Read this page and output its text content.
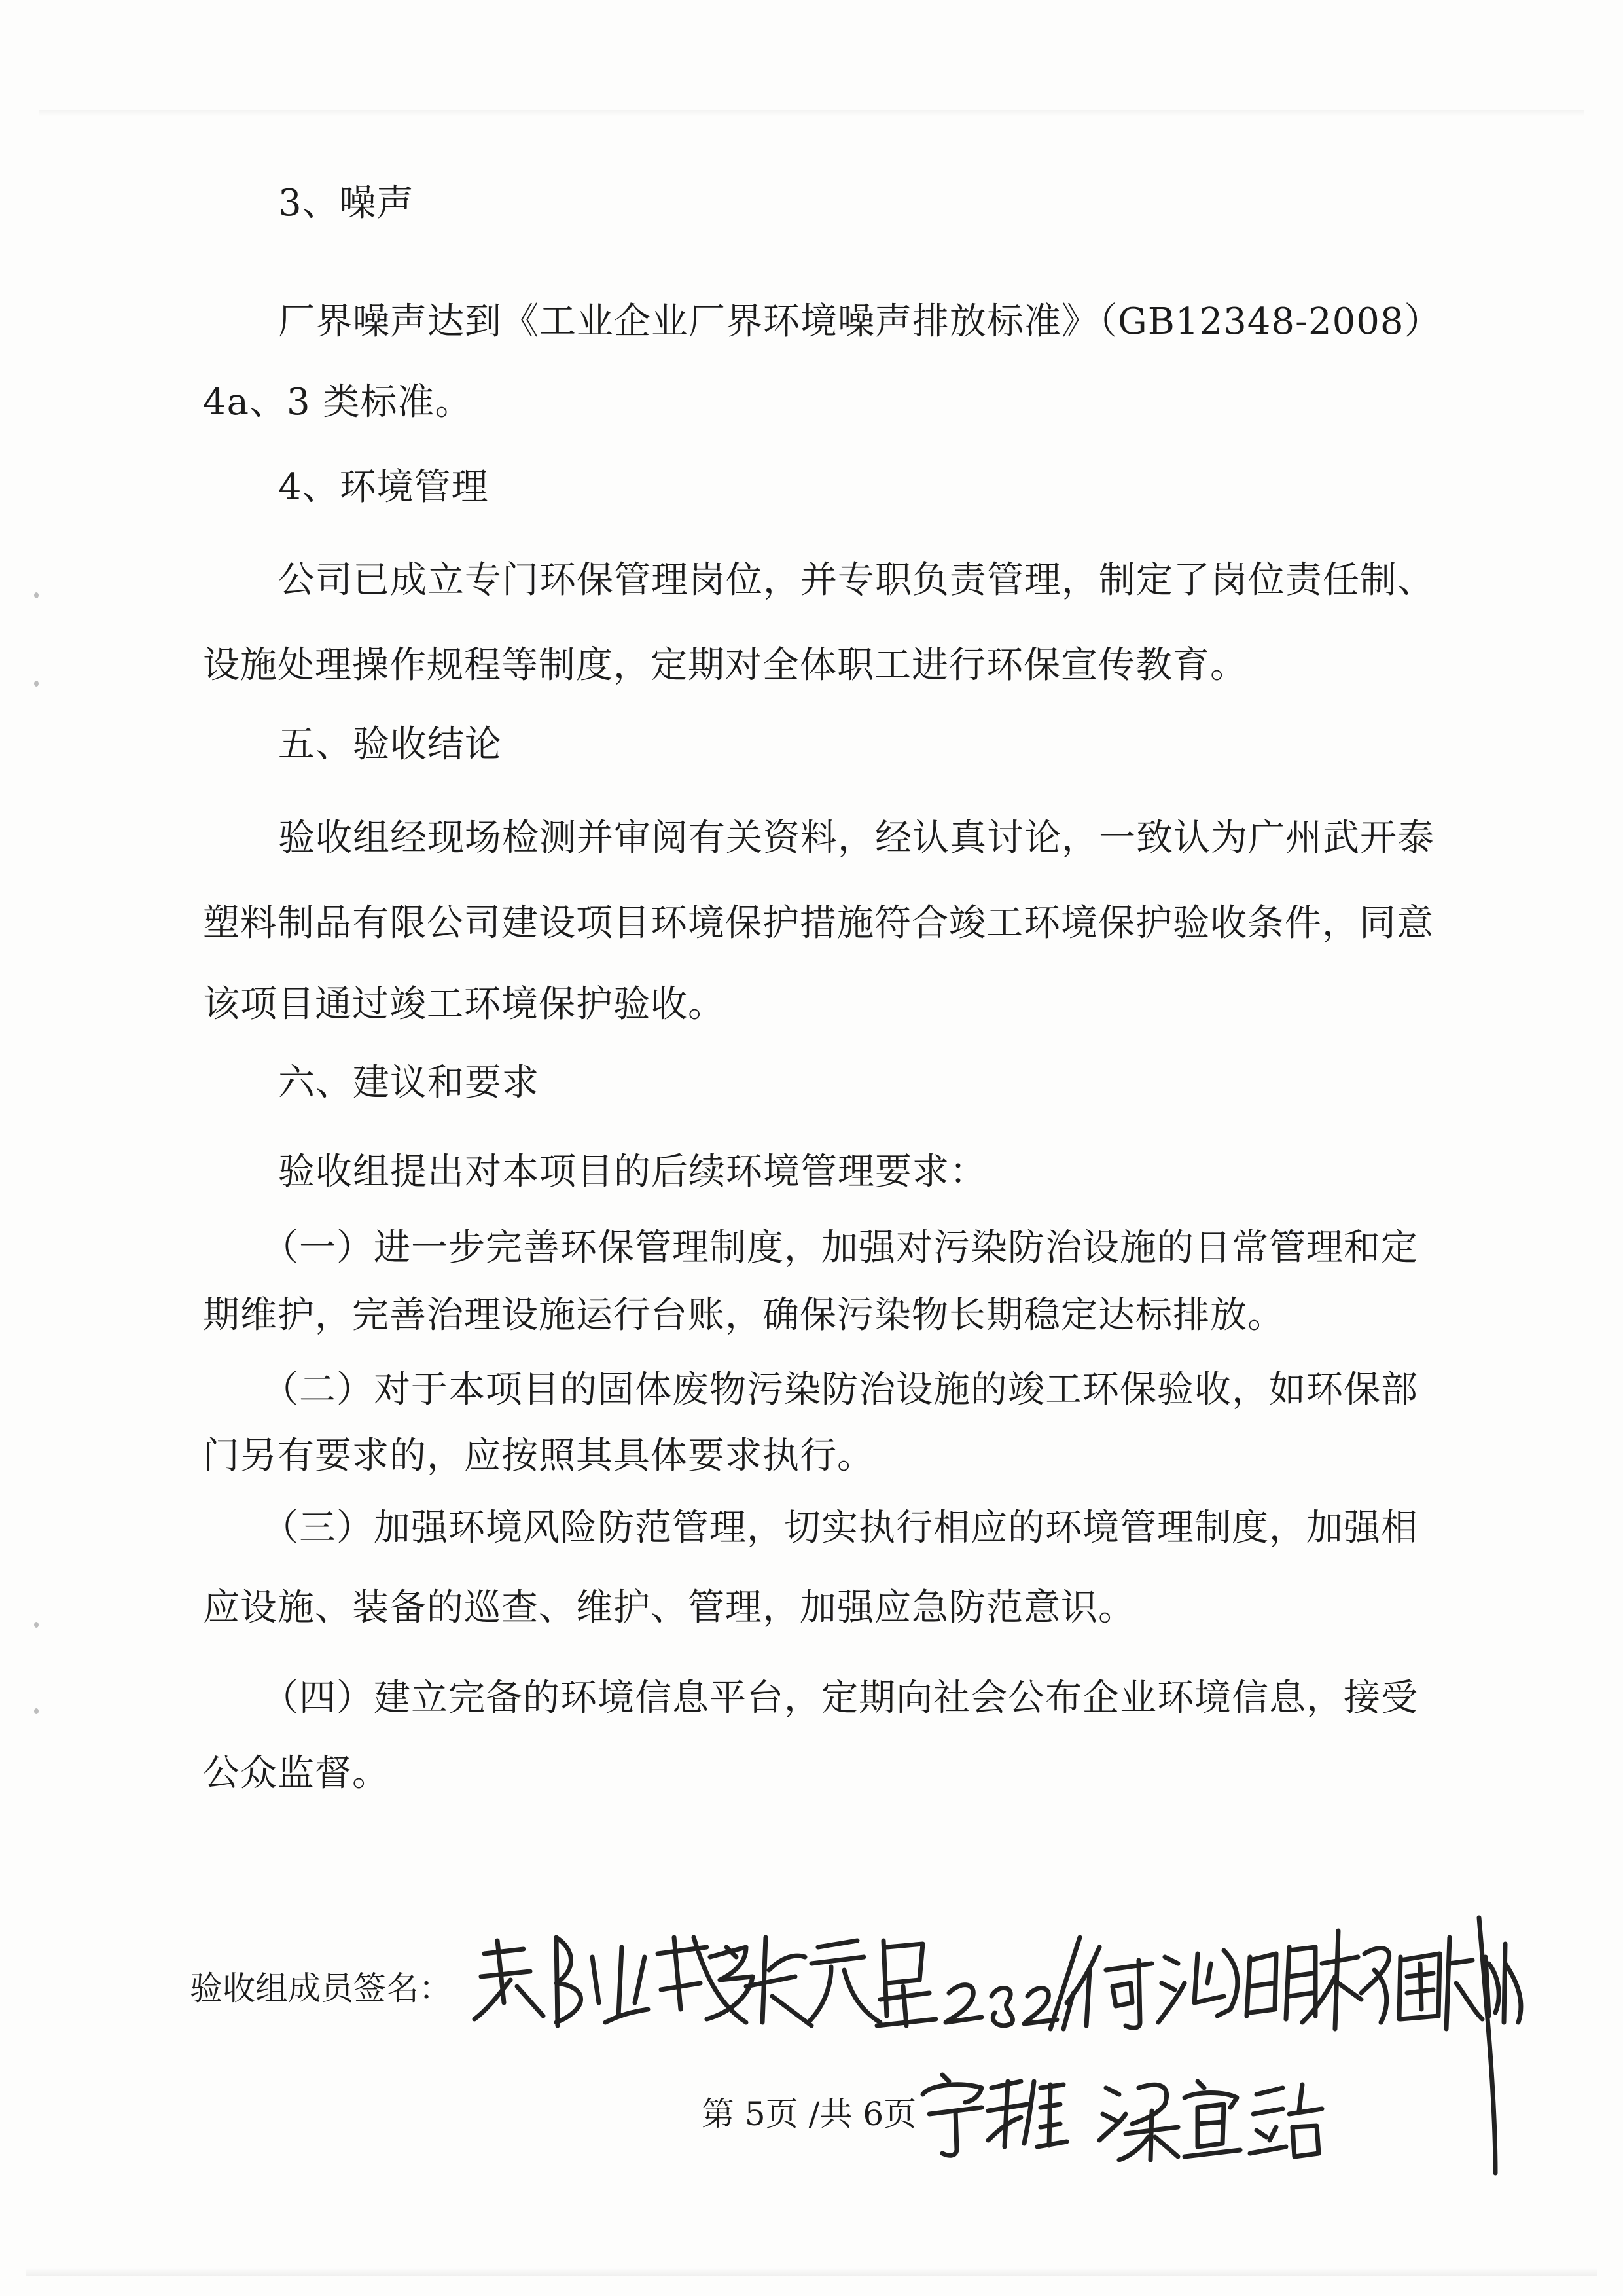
3、噪声
厂界噪声达到《工业企业厂界环境噪声排放标准》（GB12348-2008）
4a、3 类标准。
4、环境管理
公司已成立专门环保管理岗位，并专职负责管理，制定了岗位责任制、
设施处理操作规程等制度，定期对全体职工进行环保宣传教育。
五、验收结论
验收组经现场检测并审阅有关资料，经认真讨论，一致认为广州武开泰
塑料制品有限公司建设项目环境保护措施符合竣工环境保护验收条件，同意
该项目通过竣工环境保护验收。
六、建议和要求
验收组提出对本项目的后续环境管理要求：
（一）进一步完善环保管理制度，加强对污染防治设施的日常管理和定
期维护，完善治理设施运行台账，确保污染物长期稳定达标排放。
（二）对于本项目的固体废物污染防治设施的竣工环保验收，如环保部
门另有要求的，应按照其具体要求执行。
（三）加强环境风险防范管理，切实执行相应的环境管理制度，加强相
应设施、装备的巡查、维护、管理，加强应急防范意识。
（四）建立完备的环境信息平台，定期向社会公布企业环境信息，接受
公众监督。
验收组成员签名：
第 5页 /共 6页
